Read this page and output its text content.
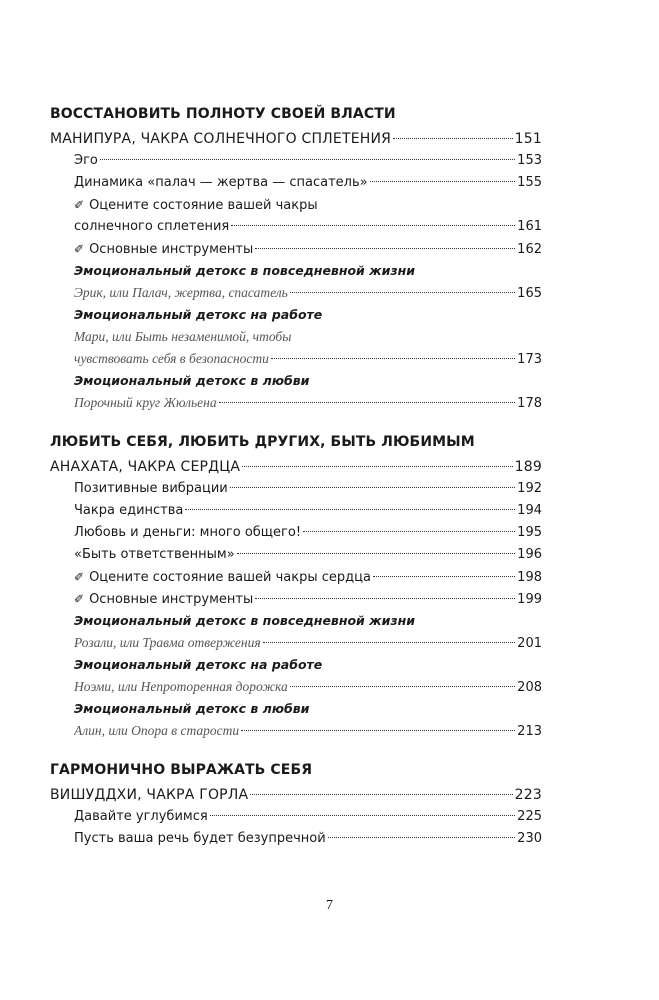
ВОССТАНОВИТЬ ПОЛНОТУ СВОЕЙ ВЛАСТИ
МАНИПУРА, ЧАКРА СОЛНЕЧНОГО СПЛЕТЕНИЯ	151
Эго	153
Динамика «палач — жертва — спасатель»	155
✐ Оцените состояние вашей чакры
солнечного сплетения	161
✐ Основные инструменты	162
Эмоциональный детокс в повседневной жизни
Эрик, или Палач, жертва, спасатель	165
Эмоциональный детокс на работе
Мари, или Быть незаменимой, чтобы
чувствовать себя в безопасности	173
Эмоциональный детокс в любви
Порочный круг Жюльена	178
ЛЮБИТЬ СЕБЯ, ЛЮБИТЬ ДРУГИХ, БЫТЬ ЛЮБИМЫМ
АНАХАТА, ЧАКРА СЕРДЦА	189
Позитивные вибрации	192
Чакра единства	194
Любовь и деньги: много общего!	195
«Быть ответственным»	196
✐ Оцените состояние вашей чакры сердца	198
✐ Основные инструменты	199
Эмоциональный детокс в повседневной жизни
Розали, или Травма отвержения	201
Эмоциональный детокс на работе
Ноэми, или Непроторенная дорожка	208
Эмоциональный детокс в любви
Алин, или Опора в старости	213
ГАРМОНИЧНО ВЫРАЖАТЬ СЕБЯ
ВИШУДДХИ, ЧАКРА ГОРЛА	223
Давайте углубимся	225
Пусть ваша речь будет безупречной	230
7
